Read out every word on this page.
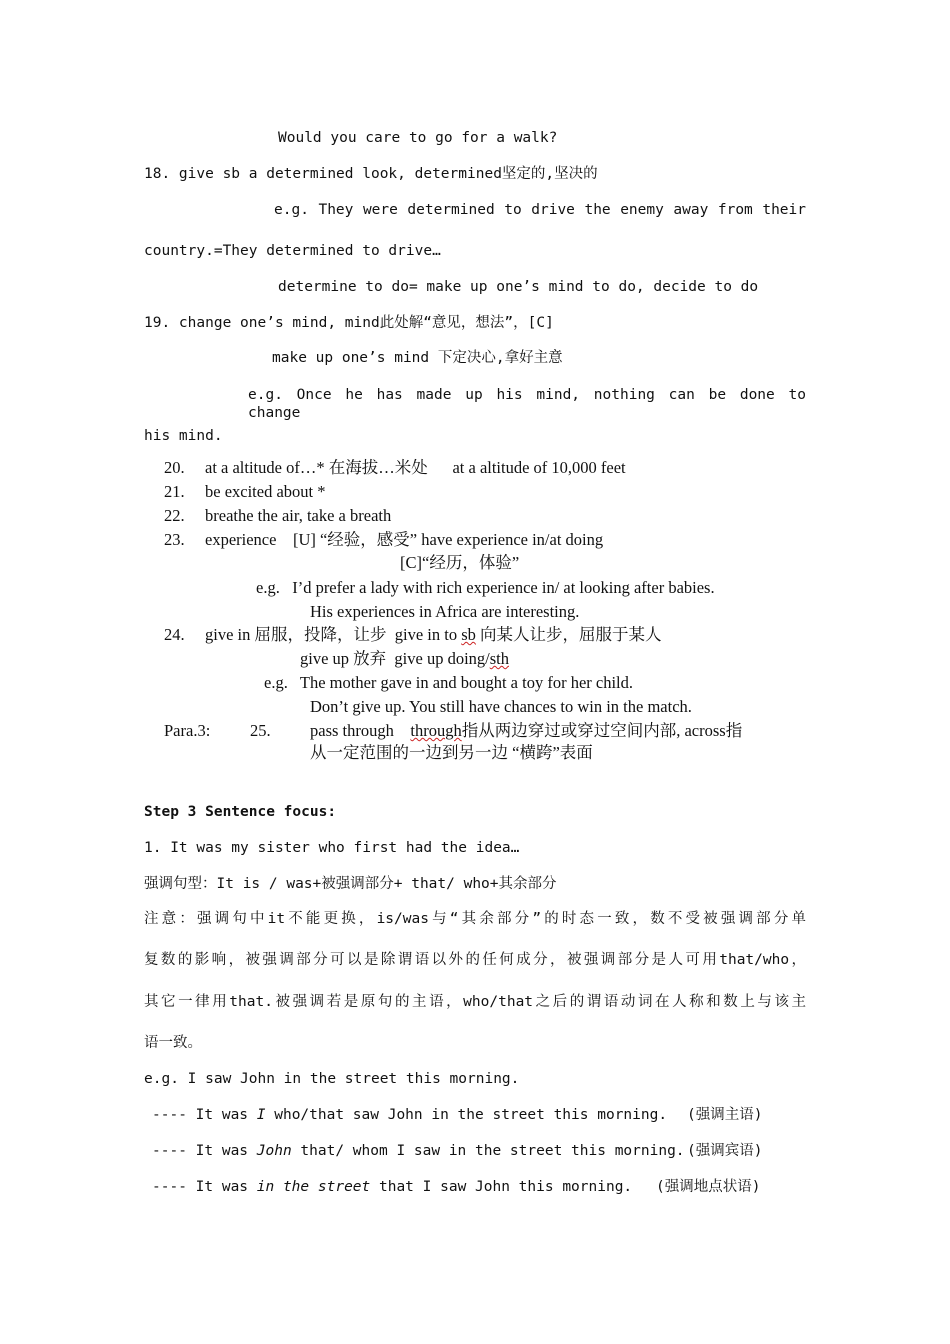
Would you care to go for a walk?
18. give sb a determined look, determined坚定的,坚决的
e.g. They were determined to drive the enemy away from their
country.=They determined to drive…
determine to do= make up one’s mind to do, decide to do
19. change one’s mind, mind此处解“意见，想法”，[C]
make up one’s mind 下定决心,拿好主意
e.g. Once he has made up his mind, nothing can be done to change
his mind.
20. at a altitude of…* 在海拔…米处      at a altitude of 10,000 feet
21. be excited about *
22. breathe the air, take a breath
23. experience    [U] “经验，感受” have experience in/at doing
[C]“经历，体验”
e.g.   I’d prefer a lady with rich experience in/ at looking after babies.
His experiences in Africa are interesting.
24. give in 屈服，投降，让步  give in to sb 向某人让步，屈服于某人
give up 放弃  give up doing/sth
e.g.   The mother gave in and bought a toy for her child.
Don’t give up. You still have chances to win in the match.
Para.3: 25. pass through    through指从两边穿过或穿过空间内部, across指
从一定范围的一边到另一边 “横跨”表面
Step 3 Sentence focus:
1. It was my sister who first had the idea…
强调句型：It is / was+被强调部分+ that/ who+其余部分
注意：强调句中it不能更换，is/was与“其余部分”的时态一致，数不受被强调部分单
复数的影响，被强调部分可以是除谓语以外的任何成分，被强调部分是人可用that/who，
其它一律用that.被强调若是原句的主语，who/that之后的谓语动词在人称和数上与该主
语一致。
e.g. I saw John in the street this morning.
---- It was I who/that saw John in the street this morning. (强调主语)
---- It was John that/ whom I saw in the street this morning. (强调宾语)
---- It was in the street that I saw John this morning. (强调地点状语)
